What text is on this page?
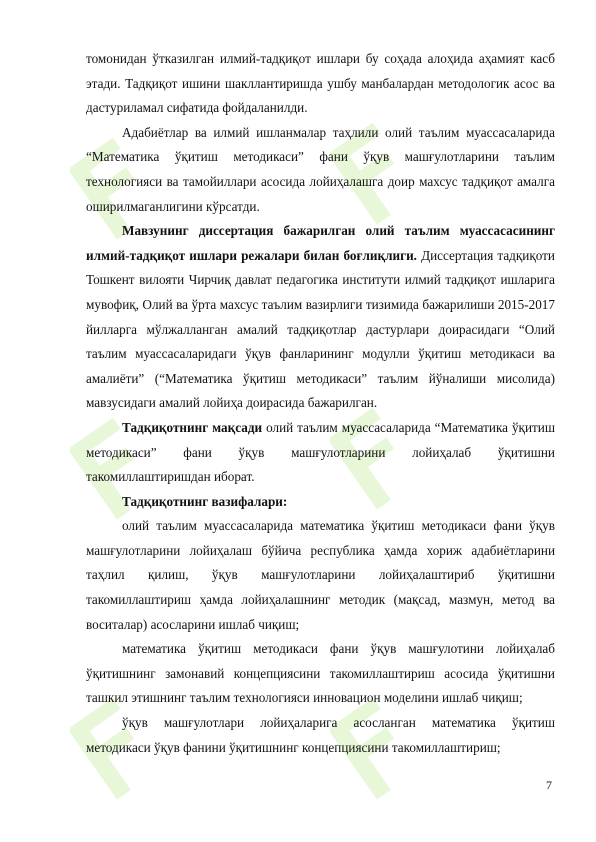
томонидан ўтказилган илмий-тадқиқот ишлари бу соҳада алоҳида аҳамият касб этади. Тадқиқот ишини шакллантиришда ушбу манбалардан методологик асос ва дастуриламал сифатида фойдаланилди.

Адабиётлар ва илмий ишланмалар таҳлили олий таълим муассасаларида “Математика ўқитиш методикаси” фани ўқув машғулотларини таълим технологияси ва тамойиллари асосида лойиҳалашга доир махсус тадқиқот амалга оширилмаганлигини кўрсатди.

Мавзунинг диссертация бажарилган олий таълим муассасасининг илмий-тадқиқот ишлари режалари билан боғлиқлиги. Диссертация тадқиқоти Тошкент вилояти Чирчиқ давлат педагогика институти илмий тадқиқот ишларига мувофиқ, Олий ва ўрта махсус таълим вазирлиги тизимида бажарилиши 2015-2017 йилларга мўлжалланган амалий тадқиқотлар дастурлари доирасидаги “Олий таълим муассасаларидаги ўқув фанларининг модулли ўқитиш методикаси ва амалиёти” (“Математика ўқитиш методикаси” таълим йўналиши мисолида) мавзусидаги амалий лойиҳа доирасида бажарилган.

Тадқиқотнинг мақсади олий таълим муассасаларида “Математика ўқитиш методикаси” фани ўқув машғулотларини лойиҳалаб ўқитишни такомиллаштиришдан иборат.

Тадқиқотнинг вазифалари:

олий таълим муассасаларида математика ўқитиш методикаси фани ўқув машғулотларини лойиҳалаш бўйича республика ҳамда хориж адабиётларини таҳлил қилиш, ўқув машғулотларини лойиҳалаштириб ўқитишни такомиллаштириш ҳамда лойиҳалашнинг методик (мақсад, мазмун, метод ва воситалар) асосларини ишлаб чиқиш;

математика ўқитиш методикаси фани ўқув машғулотини лойиҳалаб ўқитишнинг замонавий концепциясини такомиллаштириш асосида ўқитишни ташкил этишнинг таълим технологияси инновацион моделини ишлаб чиқиш;

ўқув машғулотлари лойиҳаларига асосланган математика ўқитиш методикаси ўқув фанини ўқитишнинг концепциясини такомиллаштириш;

7
